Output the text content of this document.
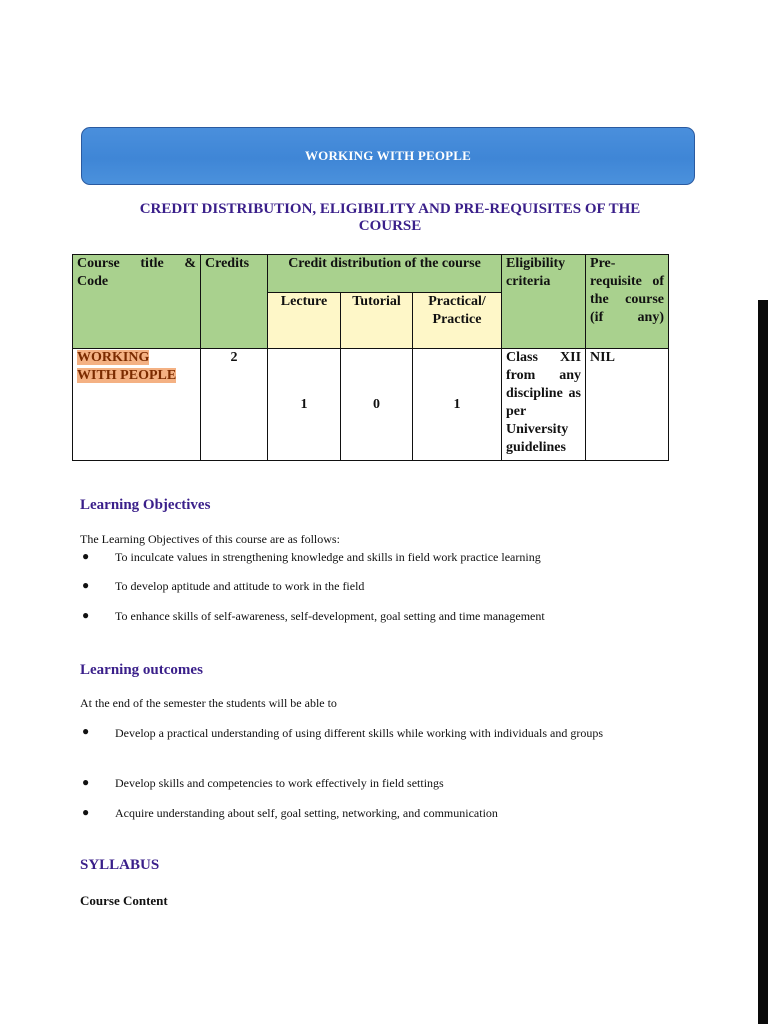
WORKING WITH PEOPLE
CREDIT DISTRIBUTION, ELIGIBILITY AND PRE-REQUISITES OF THE
COURSE
Course title & Code	Credits	Credit distribution of the course			Eligibility criteria	Pre-requisite of the course (if any)
		Lecture	Tutorial	Practical/ Practice		
WORKING
WITH PEOPLE	2	1	0	1	Class XII from any discipline as per University guidelines	NIL
Learning Objectives
The Learning Objectives of this course are as follows:
● To inculcate values in strengthening knowledge and skills in field work practice learning
● To develop aptitude and attitude to work in the field
● To enhance skills of self-awareness, self-development, goal setting and time management
Learning outcomes
At the end of the semester the students will be able to
● Develop a practical understanding of using different skills while working with individuals and groups
● Develop skills and competencies to work effectively in field settings
● Acquire understanding about self, goal setting, networking, and communication
SYLLABUS
Course Content
